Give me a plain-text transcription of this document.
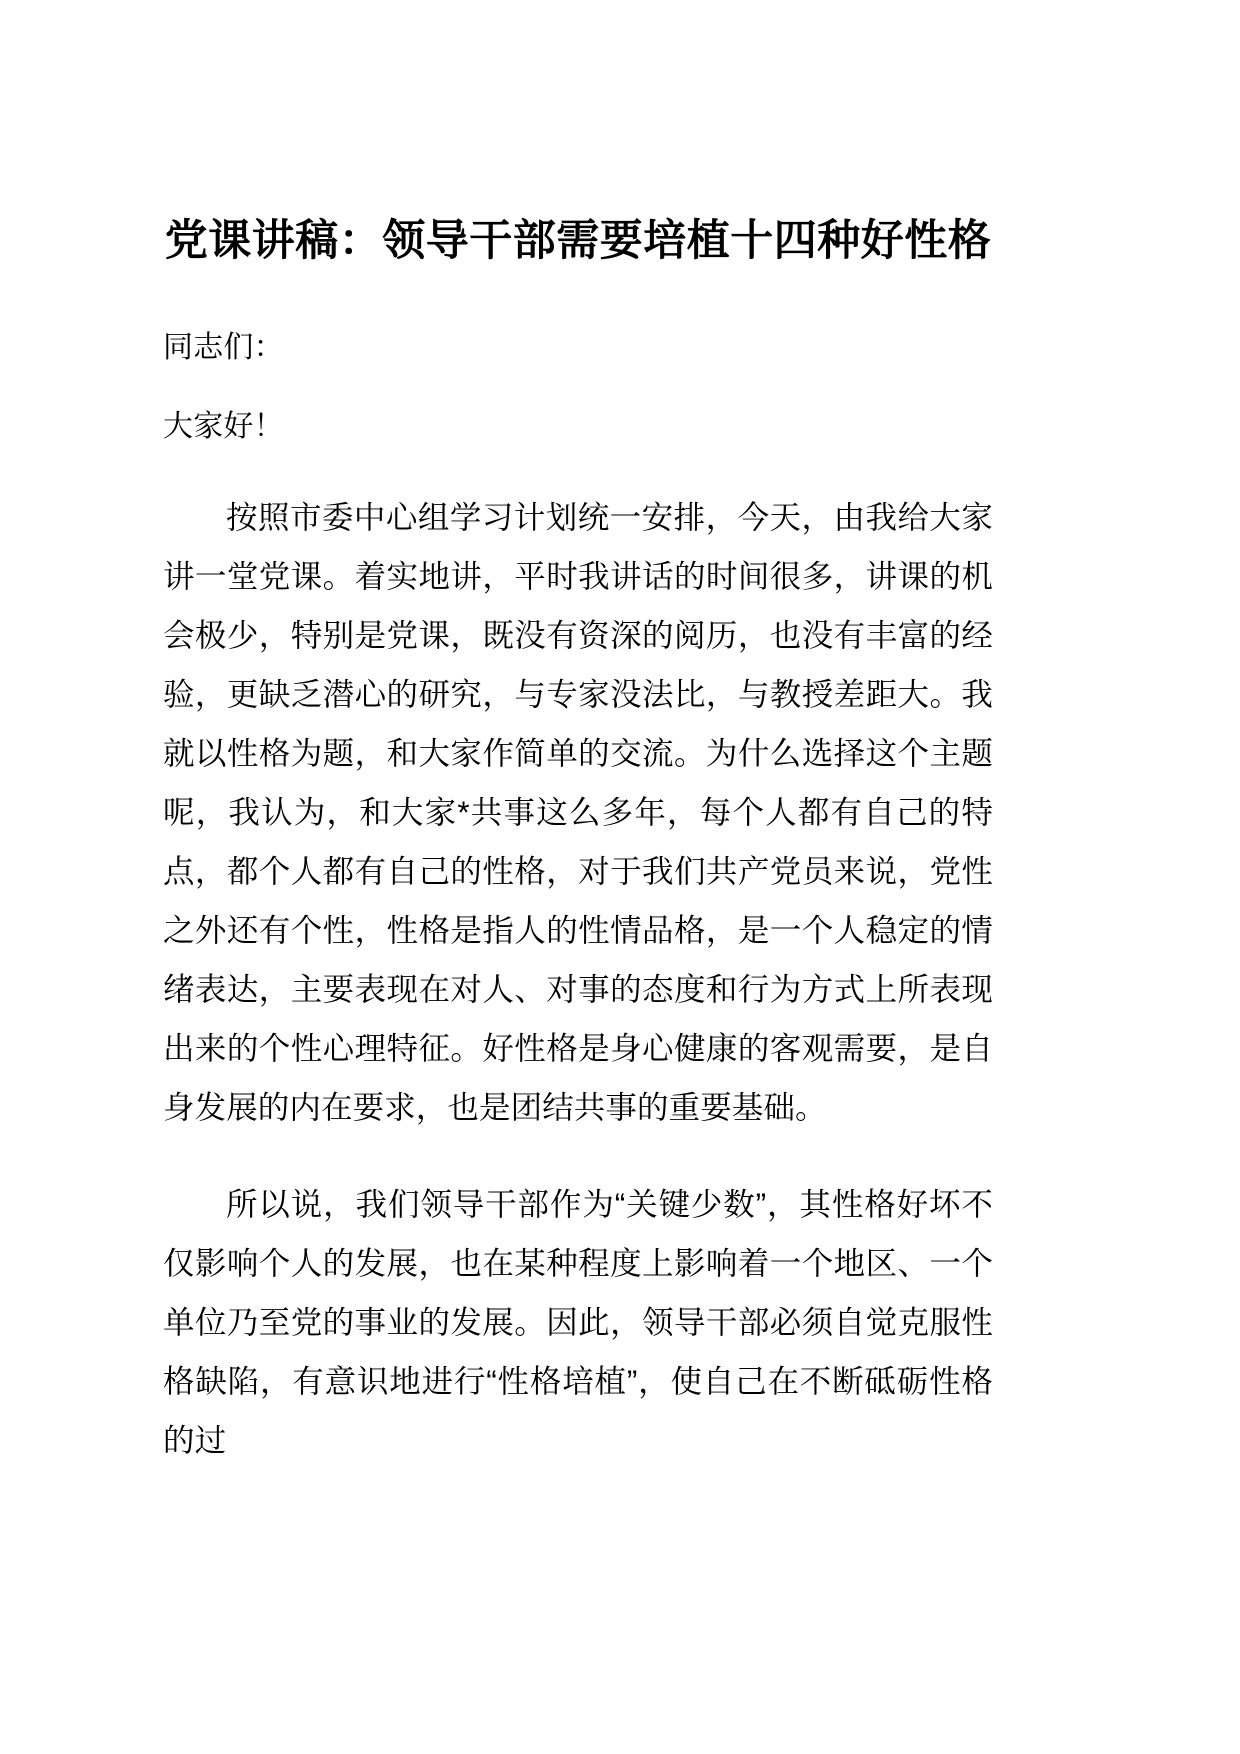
党课讲稿：领导干部需要培植十四种好性格

同志们：

大家好！

按照市委中心组学习计划统一安排，今天，由我给大家讲一堂党课。着实地讲，平时我讲话的时间很多，讲课的机会极少，特别是党课，既没有资深的阅历，也没有丰富的经验，更缺乏潜心的研究，与专家没法比，与教授差距大。我就以性格为题，和大家作简单的交流。为什么选择这个主题呢，我认为，和大家*共事这么多年，每个人都有自己的特点，都个人都有自己的性格，对于我们共产党员来说，党性之外还有个性，性格是指人的性情品格，是一个人稳定的情绪表达，主要表现在对人、对事的态度和行为方式上所表现出来的个性心理特征。好性格是身心健康的客观需要，是自身发展的内在要求，也是团结共事的重要基础。

所以说，我们领导干部作为“关键少数”，其性格好坏不仅影响个人的发展，也在某种程度上影响着一个地区、一个单位乃至党的事业的发展。因此，领导干部必须自觉克服性格缺陷，有意识地进行“性格培植”，使自己在不断砥砺性格的过
